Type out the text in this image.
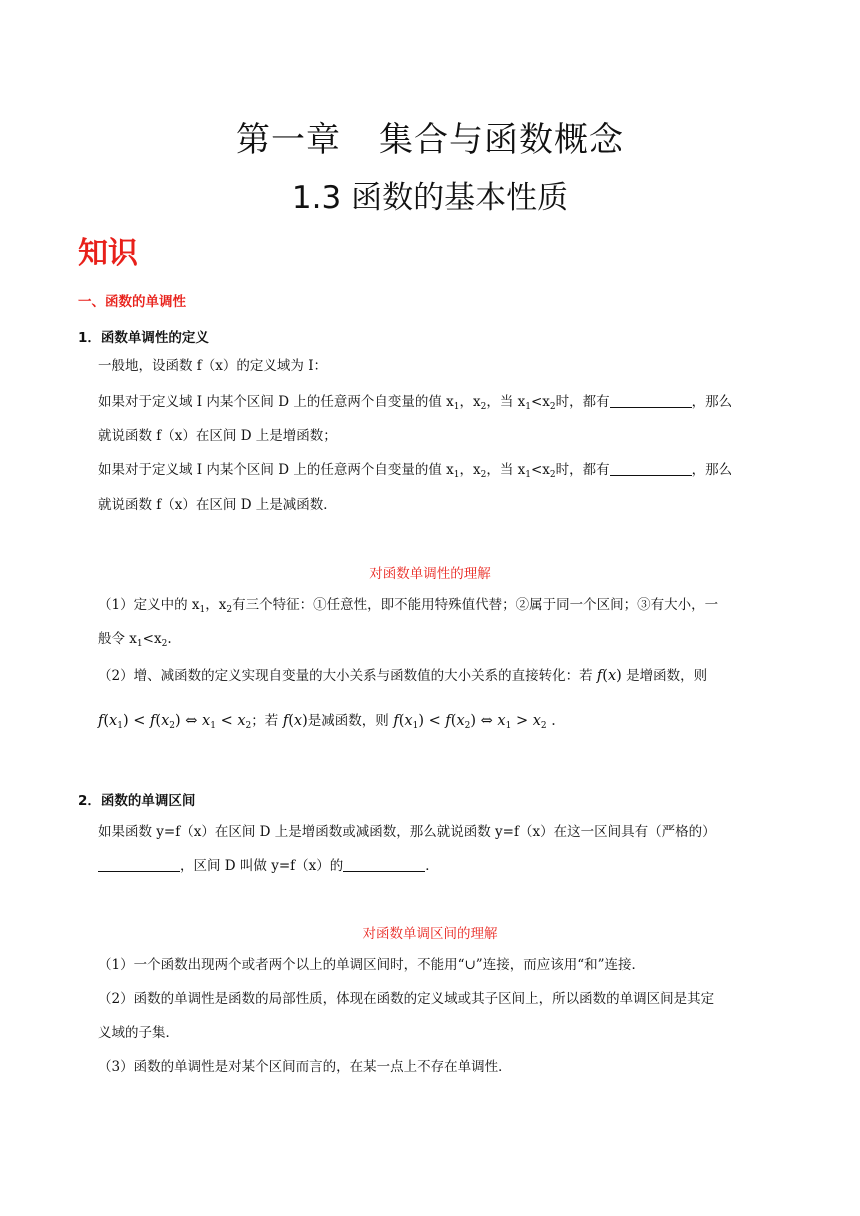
第一章 集合与函数概念
1.3 函数的基本性质
知识
一、函数的单调性
1．函数单调性的定义
一般地，设函数 f（x）的定义域为 I：
如果对于定义域 I 内某个区间 D 上的任意两个自变量的值 $x_1$，$x_2$，当 $x_1<x_2$时，都有	，那么
就说函数 f（x）在区间 D 上是增函数；
如果对于定义域 I 内某个区间 D 上的任意两个自变量的值 $x_1$，$x_2$，当 $x_1<x_2$时，都有	，那么
就说函数 f（x）在区间 D 上是减函数．
对函数单调性的理解
（1）定义中的 $x_1$，$x_2$有三个特征：①任意性，即不能用特殊值代替；②属于同一个区间；③有大小，一
般令 $x_1<x_2$.
（2）增、减函数的定义实现自变量的大小关系与函数值的大小关系的直接转化：若 f(x) 是增函数，则
$f(x_1) < f(x_2)$ ⇔ $x_1 < x_2$；若 f(x)是减函数，则 $f(x_1) < f(x_2)$ ⇔ $x_1 > x_2$ ．
2．函数的单调区间
如果函数 y=f（x）在区间 D 上是增函数或减函数，那么就说函数 y=f（x）在这一区间具有（严格的）
，区间 D 叫做 y=f（x）的	．
对函数单调区间的理解
（1）一个函数出现两个或者两个以上的单调区间时，不能用“∪”连接，而应该用“和”连接．
（2）函数的单调性是函数的局部性质，体现在函数的定义域或其子区间上，所以函数的单调区间是其定
义域的子集．
（3）函数的单调性是对某个区间而言的，在某一点上不存在单调性．
